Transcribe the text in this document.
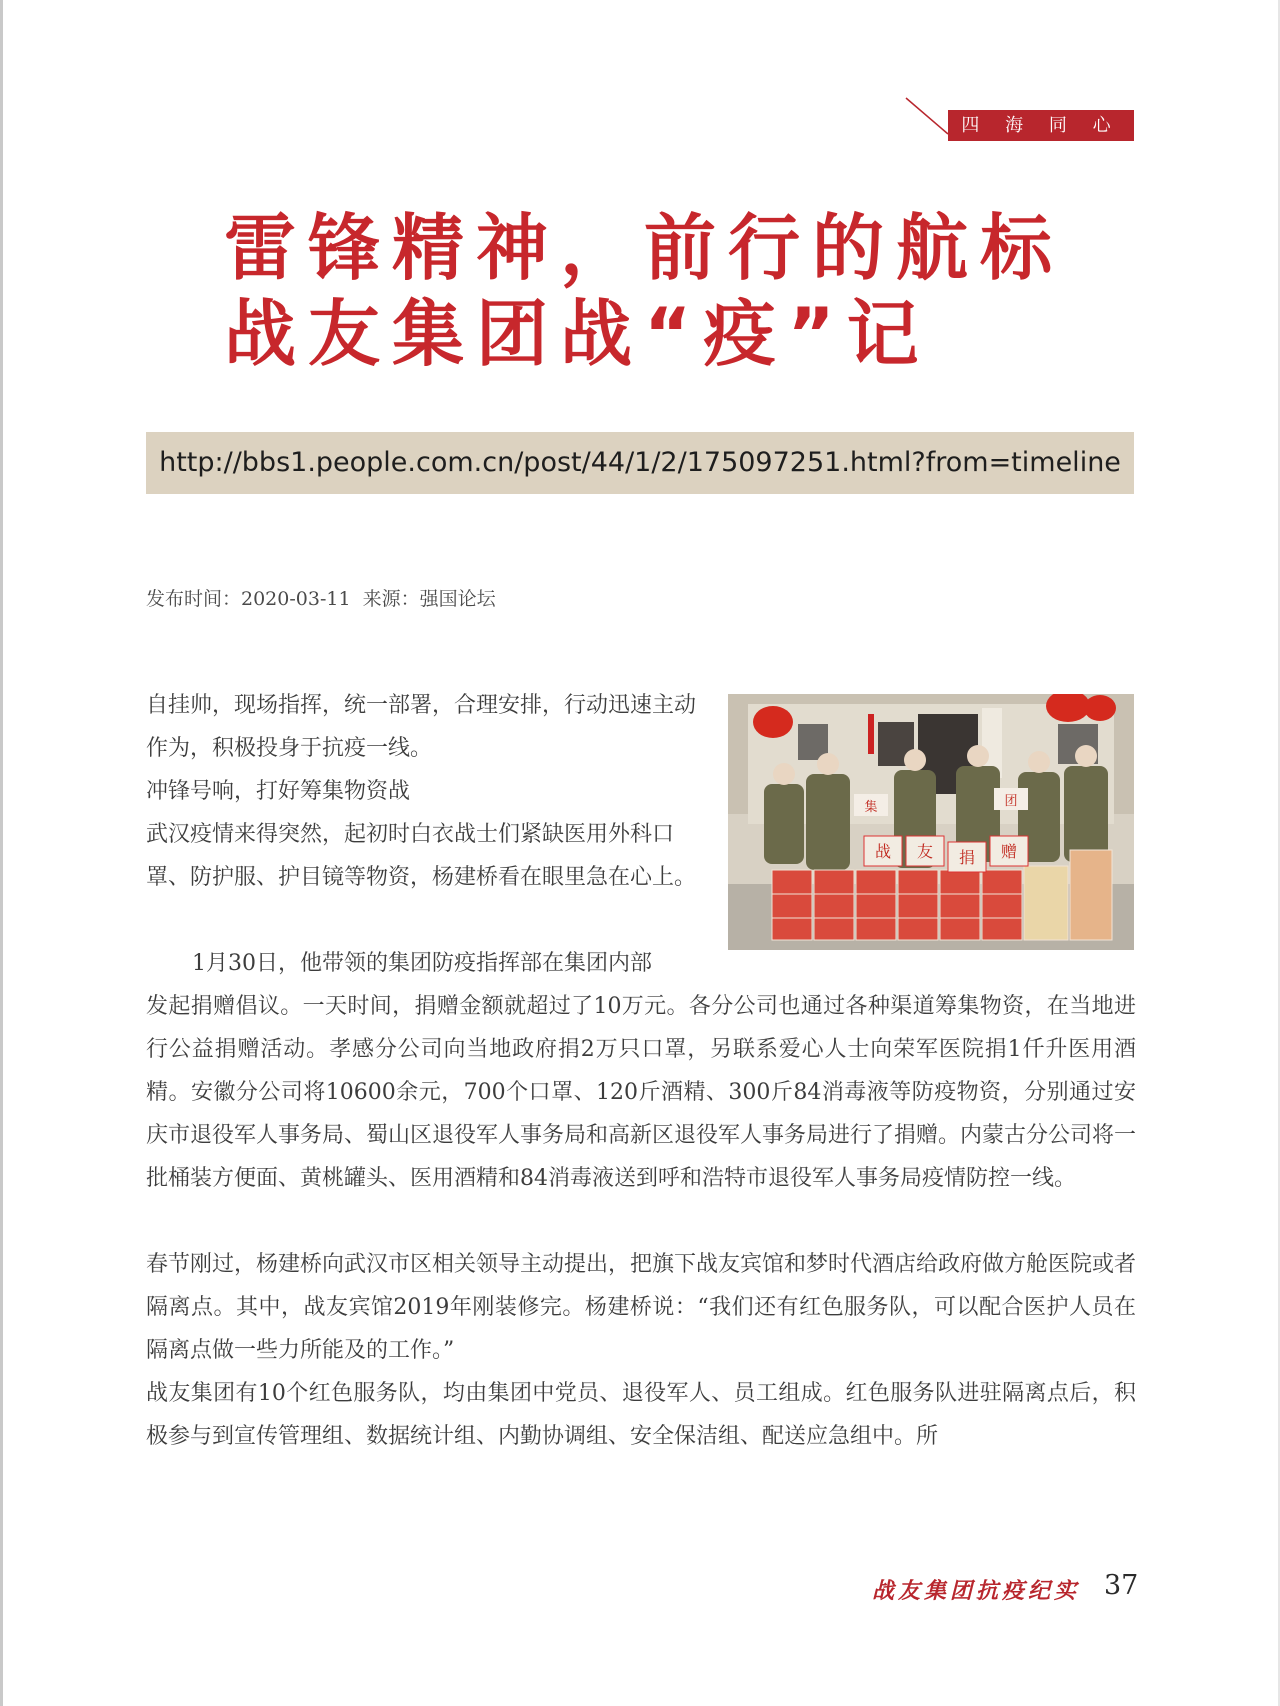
四 海 同 心
雷锋精神，前行的航标
战友集团战“疫”记
http://bbs1.people.com.cn/post/44/1/2/175097251.html?from=timeline
发布时间：2020-03-11 来源：强国论坛
集	团
战 友 捐 赠
自挂帅，现场指挥，统一部署，合理安排，行动迅速主动作为，积极投身于抗疫一线。
冲锋号响，打好筹集物资战
武汉疫情来得突然，起初时白衣战士们紧缺医用外科口罩、防护服、护目镜等物资，杨建桥看在眼里急在心上。
1月30日，他带领的集团防疫指挥部在集团内部
发起捐赠倡议。一天时间，捐赠金额就超过了10万元。各分公司也通过各种渠道筹集物资，在当地进行公益捐赠活动。孝感分公司向当地政府捐2万只口罩，另联系爱心人士向荣军医院捐1仟升医用酒精。安徽分公司将10600余元，700个口罩、120斤酒精、300斤84消毒液等防疫物资，分别通过安庆市退役军人事务局、蜀山区退役军人事务局和高新区退役军人事务局进行了捐赠。内蒙古分公司将一批桶装方便面、黄桃罐头、医用酒精和84消毒液送到呼和浩特市退役军人事务局疫情防控一线。
春节刚过，杨建桥向武汉市区相关领导主动提出，把旗下战友宾馆和梦时代酒店给政府做方舱医院或者隔离点。其中，战友宾馆2019年刚装修完。杨建桥说：“我们还有红色服务队，可以配合医护人员在隔离点做一些力所能及的工作。”
战友集团有10个红色服务队，均由集团中党员、退役军人、员工组成。红色服务队进驻隔离点后，积极参与到宣传管理组、数据统计组、内勤协调组、安全保洁组、配送应急组中。所
战友集团抗疫纪实 37
